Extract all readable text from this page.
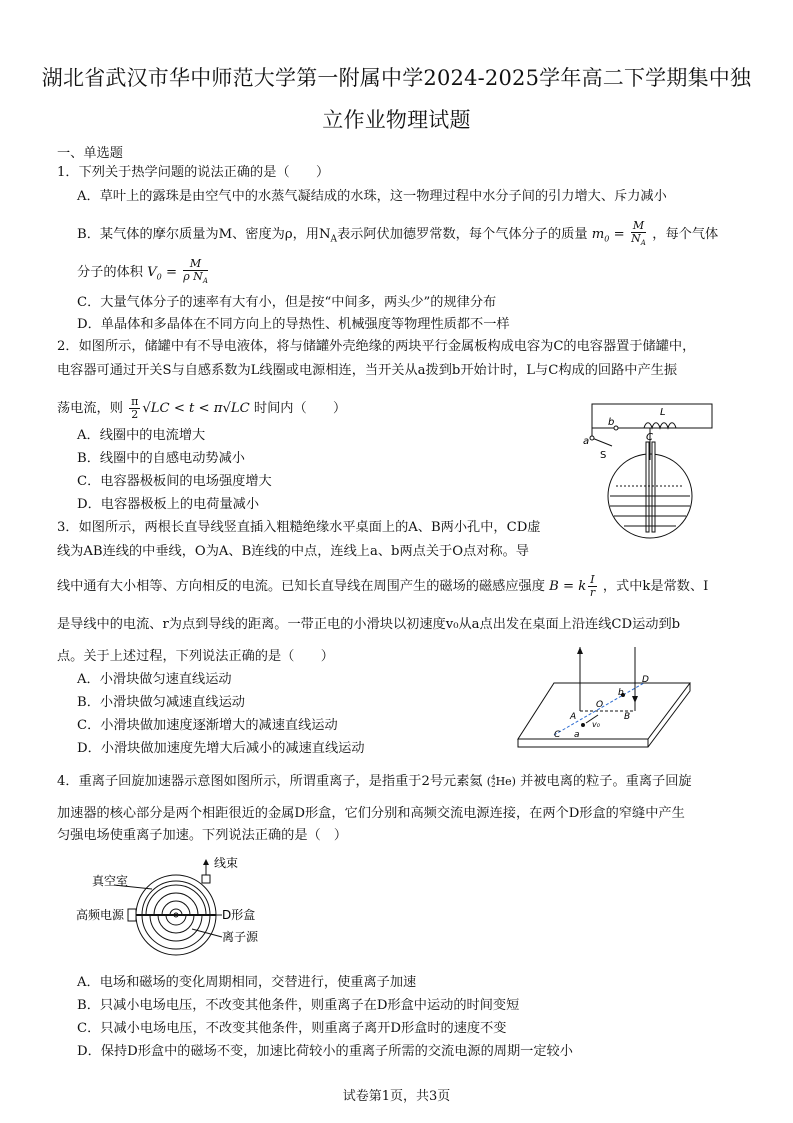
湖北省武汉市华中师范大学第一附属中学2024-2025学年高二下学期集中独
立作业物理试题
一、单选题
1．下列关于热学问题的说法正确的是（　　）
A．草叶上的露珠是由空气中的水蒸气凝结成的水珠，这一物理过程中水分子间的引力增大、斥力减小
B．某气体的摩尔质量为M、密度为ρ，用$N_A$表示阿伏加德罗常数，每个气体分子的质量 $m_0 = \frac{M}{N_A}$ ，每个气体
分子的体积 $V_0 = \frac{M}{\rho N_A}$
C．大量气体分子的速率有大有小，但是按“中间多，两头少”的规律分布
D．单晶体和多晶体在不同方向上的导热性、机械强度等物理性质都不一样
2．如图所示，储罐中有不导电液体，将与储罐外壳绝缘的两块平行金属板构成电容为C的电容器置于储罐中，
电容器可通过开关S与自感系数为L线圈或电源相连，当开关从a拨到b开始计时，L与C构成的回路中产生振
荡电流，则 $\frac{\pi}{2} √LC < t < \pi√LC$ 时间内（　　）
A．线圈中的电流增大
B．线圈中的自感电动势减小
C．电容器极板间的电场强度增大
D．电容器极板上的电荷量减小
L
b
a	C
S
3．如图所示，两根长直导线竖直插入粗糙绝缘水平桌面上的A、B两小孔中，CD虚
线为AB连线的中垂线，O为A、B连线的中点，连线上a、b两点关于O点对称。导
线中通有大小相等、方向相反的电流。已知长直导线在周围产生的磁场的磁感应强度 B = k $\frac{I}{r}$ ，式中k是常数、I
是导线中的电流、r为点到导线的距离。一带正电的小滑块以初速度v₀从a点出发在桌面上沿连线CD运动到b
点。关于上述过程，下列说法正确的是（　　）
A．小滑块做匀速直线运动
B．小滑块做匀减速直线运动
C．小滑块做加速度逐渐增大的减速直线运动
D．小滑块做加速度先增大后减小的减速直线运动
D
b
A
O
B
C a
v₀
4．重离子回旋加速器示意图如图所示，所谓重离子，是指重于2号元素氦 (4
2He) 并被电离的粒子。重离子回旋
加速器的核心部分是两个相距很近的金属D形盒，它们分别和高频交流电源连接，在两个D形盒的窄缝中产生
匀强电场使重离子加速。下列说法正确的是（　）
线束
真空室
高频电源	D形盒
离子源
A．电场和磁场的变化周期相同，交替进行，使重离子加速
B．只减小电场电压，不改变其他条件，则重离子在D形盒中运动的时间变短
C．只减小电场电压，不改变其他条件，则重离子离开D形盒时的速度不变
D．保持D形盒中的磁场不变，加速比荷较小的重离子所需的交流电源的周期一定较小
试卷第1页，共3页
